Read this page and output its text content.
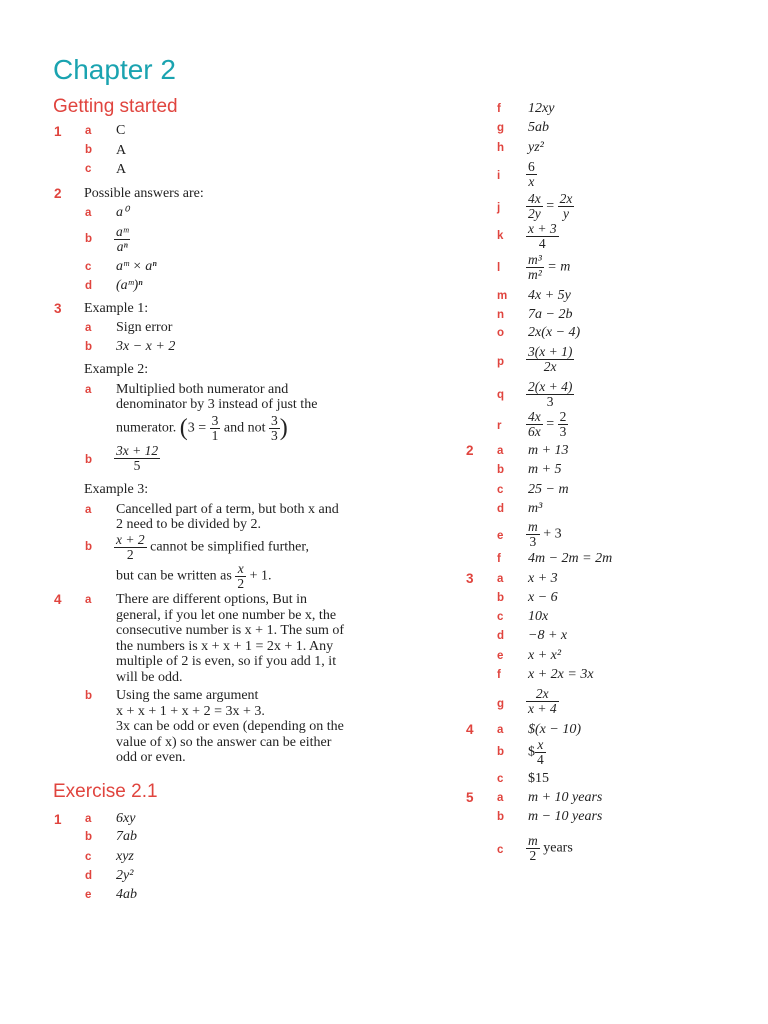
Chapter 2
Getting started
1 a C
b A
c A
2 Possible answers are:
a a⁰
b $\frac{\text{aᵐ}}{\text{aⁿ}}$
c aᵐ × aⁿ
d (aᵐ)ⁿ
3 Example 1:
a Sign error
b 3x − x + 2
Example 2:
a Multiplied both numerator and
denominator by 3 instead of just the
numerator. ($3 = \frac{3}{1}$ and not $\frac{3}{3}$ )
b $\frac{3x + 12}{5}$
Example 3:
a Cancelled part of a term, but both x and
2 need to be divided by 2.
b $\frac{x + 2}{2}$ cannot be simplified further,
but can be written as $\frac{x}{2} + 1$.
4 a There are different options, But in
general, if you let one number be x, the
consecutive number is x + 1. The sum of
the numbers is x + x + 1 = 2x + 1. Any
multiple of 2 is even, so if you add 1, it
will be odd.
b Using the same argument
x + x + 1 + x + 2 = 3x + 3.
3x can be odd or even (depending on the
value of x) so the answer can be either
odd or even.
Exercise 2.1
1 a 6xy
b 7ab
c xyz
d 2y²
e 4ab
f 12xy
g 5ab
h yz²
i $\frac{6}{x}$
j $\frac{4x}{2y} = \frac{2x}{y}$
k $\frac{x + 3}{4}$
l $\frac{\text{m³}}{\text{m²}} = m$
m 4x + 5y
n 7a − 2b
o 2x(x − 4)
p $\frac{3(x + 1)}{2x}$
q $\frac{2(x + 4)}{3}$
r $\frac{4x}{6x} = \frac{2}{3}$
2 a m + 13
b m + 5
c 25 − m
d m³
e $\frac{m}{3} + 3$
f 4m − 2m = 2m
3 a x + 3
b x − 6
c 10x
d −8 + x
e x + x²
f x + 2x = 3x
g $\frac{2x}{x + 4}$
4 a $(x − 10)
b $ $\frac{x}{4}$
c $15
5 a m + 10 years
b m − 10 years
c $\frac{m}{2}$ years
